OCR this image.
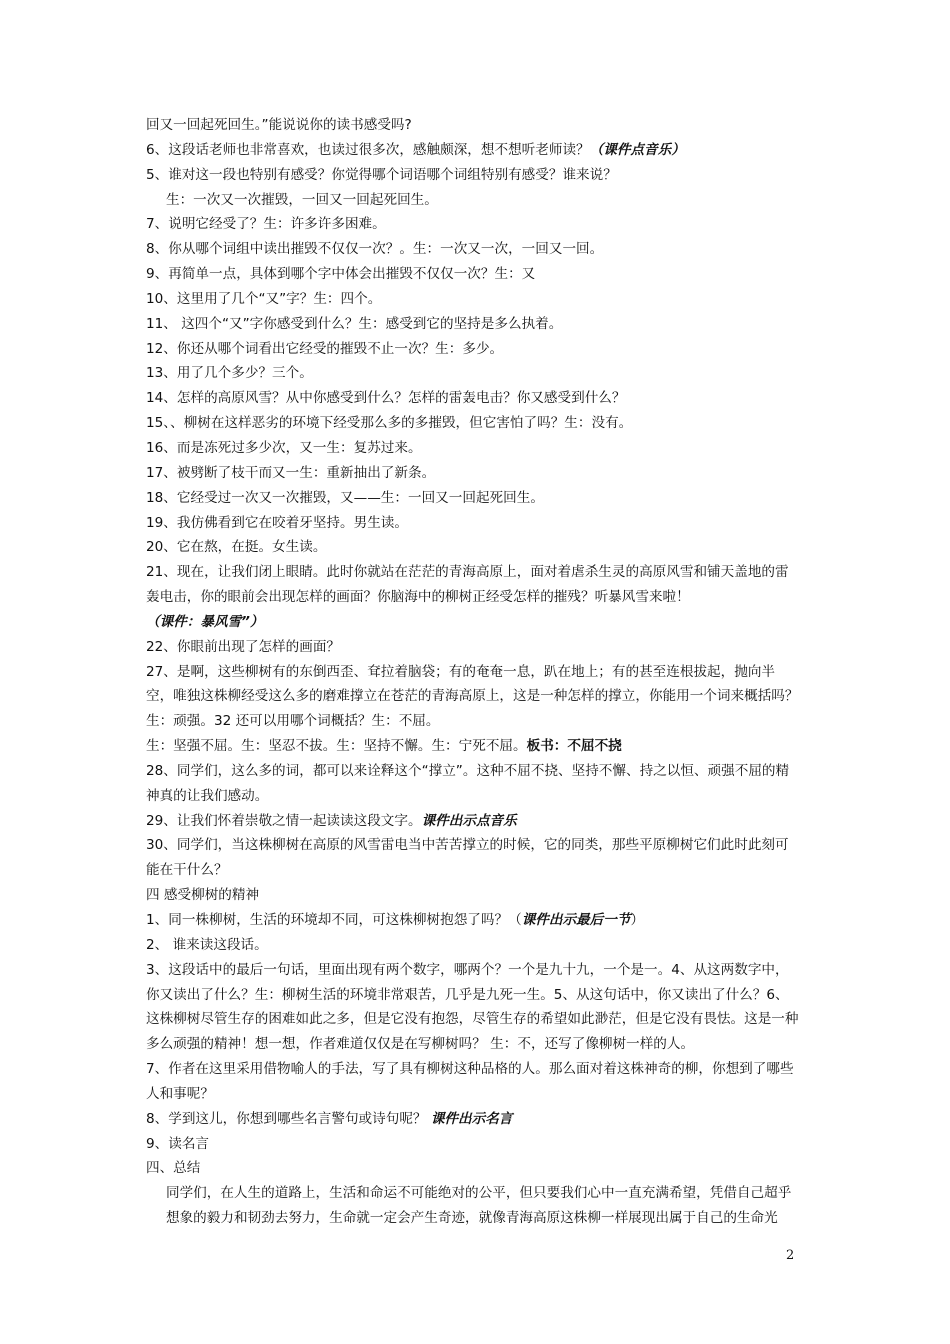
回又一回起死回生。”能说说你的读书感受吗?

6、这段话老师也非常喜欢，也读过很多次，感触颇深，想不想听老师读？（课件点音乐）

5、谁对这一段也特别有感受？你觉得哪个词语哪个词组特别有感受？谁来说？

生：一次又一次摧毁，一回又一回起死回生。

7、说明它经受了？生：许多许多困难。

8、你从哪个词组中读出摧毁不仅仅一次？。生：一次又一次，一回又一回。

9、再简单一点，具体到哪个字中体会出摧毁不仅仅一次？生：又

10、这里用了几个“又”字？生：四个。

11、 这四个“又”字你感受到什么？生：感受到它的坚持是多么执着。

12、你还从哪个词看出它经受的摧毁不止一次？生：多少。

13、用了几个多少？三个。

14、怎样的高原风雪？从中你感受到什么？怎样的雷轰电击？你又感受到什么？

15、、柳树在这样恶劣的环境下经受那么多的多摧毁，但它害怕了吗？生：没有。

16、而是冻死过多少次，又一生：复苏过来。

17、被劈断了枝干而又一生：重新抽出了新条。

18、它经受过一次又一次摧毁，又——生：一回又一回起死回生。

19、我仿佛看到它在咬着牙坚持。男生读。

20、它在熬，在挺。女生读。

21、现在，让我们闭上眼睛。此时你就站在茫茫的青海高原上，面对着虐杀生灵的高原风雪和铺天盖地的雷轰电击，你的眼前会出现怎样的画面？你脑海中的柳树正经受怎样的摧残？听暴风雪来啦！（课件：暴风雪”）

22、你眼前出现了怎样的画面？

27、是啊，这些柳树有的东倒西歪、耷拉着脑袋；有的奄奄一息，趴在地上；有的甚至连根拔起，抛向半空，唯独这株柳经受这么多的磨难撑立在苍茫的青海高原上，这是一种怎样的撑立，你能用一个词来概括吗？生：顽强。32 还可以用哪个词概括？生：不屈。

生：坚强不屈。生：坚忍不拔。生：坚持不懈。生：宁死不屈。板书：不屈不挠

28、同学们，这么多的词，都可以来诠释这个“撑立”。这种不屈不挠、坚持不懈、持之以恒、顽强不屈的精神真的让我们感动。

29、让我们怀着崇敬之情一起读读这段文字。课件出示点音乐

30、同学们，当这株柳树在高原的风雪雷电当中苦苦撑立的时候，它的同类，那些平原柳树它们此时此刻可能在干什么？

四 感受柳树的精神

1、同一株柳树，生活的环境却不同，可这株柳树抱怨了吗？（课件出示最后一节）

2、 谁来读这段话。

3、这段话中的最后一句话，里面出现有两个数字，哪两个？一个是九十九，一个是一。4、从这两数字中，你又读出了什么？生：柳树生活的环境非常艰苦，几乎是九死一生。5、从这句话中，你又读出了什么？6、这株柳树尽管生存的困难如此之多，但是它没有抱怨，尽管生存的希望如此渺茫，但是它没有畏怯。这是一种多么顽强的精神！想一想，作者难道仅仅是在写柳树吗？ 生：不，还写了像柳树一样的人。

7、作者在这里采用借物喻人的手法，写了具有柳树这种品格的人。那么面对着这株神奇的柳，你想到了哪些人和事呢？

8、学到这儿，你想到哪些名言警句或诗句呢？ 课件出示名言

9、读名言

四、总结

同学们，在人生的道路上，生活和命运不可能绝对的公平，但只要我们心中一直充满希望，凭借自己超乎想象的毅力和韧劲去努力，生命就一定会产生奇迹，就像青海高原这株柳一样展现出属于自己的生命光

2
